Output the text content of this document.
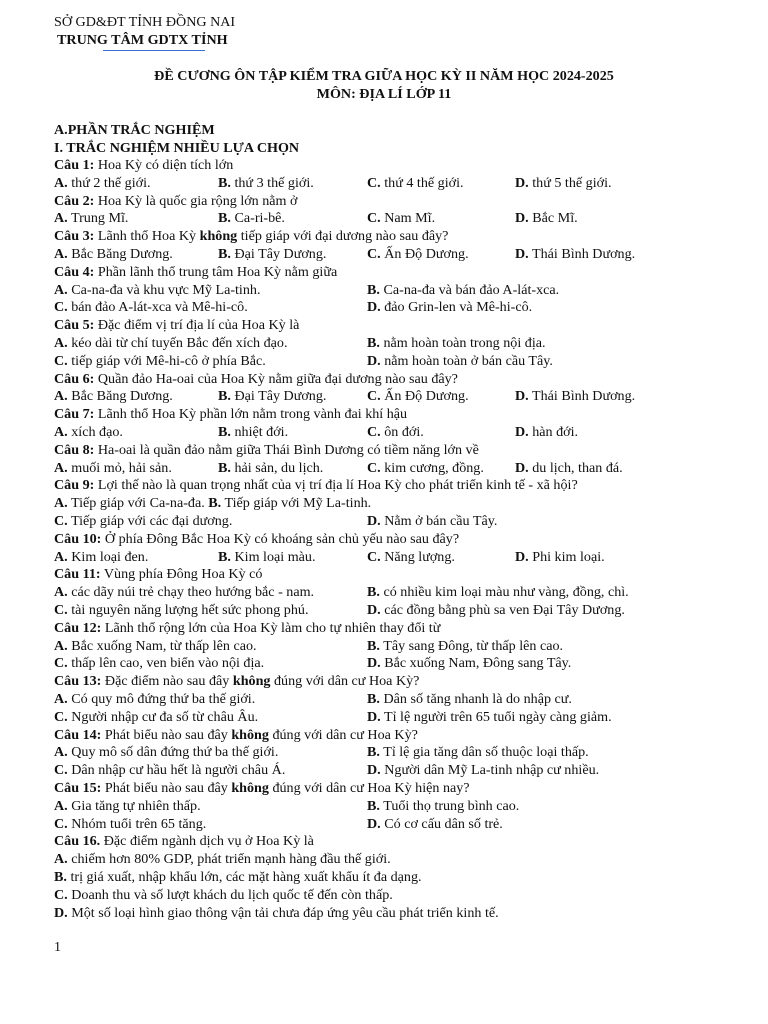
SỞ GD&ĐT TỈNH ĐỒNG NAI
TRUNG TÂM GDTX TỈNH
ĐỀ CƯƠNG ÔN TẬP KIỂM TRA GIỮA HỌC KỲ II NĂM HỌC 2024-2025
MÔN: ĐỊA LÍ LỚP 11
A.PHẦN TRẮC NGHIỆM
I. TRẮC NGHIỆM NHIỀU LỰA CHỌN
Câu 1: Hoa Kỳ có diện tích lớn
A. thứ 2 thế giới.	B. thứ 3 thế giới.	C. thứ 4 thế giới.	D. thứ 5 thế giới.
Câu 2: Hoa Kỳ là quốc gia rộng lớn nằm ở
A. Trung Mĩ.	B. Ca-ri-bê.	C. Nam Mĩ.	D. Bắc Mĩ.
Câu 3: Lãnh thổ Hoa Kỳ không tiếp giáp với đại dương nào sau đây?
A. Bắc Băng Dương.	B. Đại Tây Dương.	C. Ấn Độ Dương.	D. Thái Bình Dương.
Câu 4: Phần lãnh thổ trung tâm Hoa Kỳ nằm giữa
A. Ca-na-đa và khu vực Mỹ La-tinh.	B. Ca-na-đa và bán đảo A-lát-xca.
C. bán đảo A-lát-xca và Mê-hi-cô.	D. đảo Grin-len và Mê-hi-cô.
Câu 5: Đặc điểm vị trí địa lí của Hoa Kỳ là
A. kéo dài từ chí tuyến Bắc đến xích đạo.	B. nằm hoàn toàn trong nội địa.
C. tiếp giáp với Mê-hi-cô ở phía Bắc.	D. nằm hoàn toàn ở bán cầu Tây.
Câu 6: Quần đảo Ha-oai của Hoa Kỳ nằm giữa đại dương nào sau đây?
A. Bắc Băng Dương.	B. Đại Tây Dương.	C. Ấn Độ Dương.	D. Thái Bình Dương.
Câu 7: Lãnh thổ Hoa Kỳ phần lớn nằm trong vành đai khí hậu
A. xích đạo.	B. nhiệt đới.	C. ôn đới.	D. hàn đới.
Câu 8: Ha-oai là quần đảo nằm giữa Thái Bình Dương có tiềm năng lớn về
A. muối mỏ, hải sản.	B. hải sản, du lịch.	C. kim cương, đồng. D. du lịch, than đá.
Câu 9: Lợi thế nào là quan trọng nhất của vị trí địa lí Hoa Kỳ cho phát triển kinh tế - xã hội?
A. Tiếp giáp với Ca-na-đa. B. Tiếp giáp với Mỹ La-tinh.
C. Tiếp giáp với các đại dương.	D. Nằm ở bán cầu Tây.
Câu 10: Ở phía Đông Bắc Hoa Kỳ có khoáng sản chủ yếu nào sau đây?
A. Kim loại đen.	B. Kim loại màu.	C. Năng lượng.	D. Phi kim loại.
Câu 11: Vùng phía Đông Hoa Kỳ có
A. các dãy núi trẻ chạy theo hướng bắc - nam.	B. có nhiều kim loại màu như vàng, đồng, chì.
C. tài nguyên năng lượng hết sức phong phú.	D. các đồng bằng phù sa ven Đại Tây Dương.
Câu 12: Lãnh thổ rộng lớn của Hoa Kỳ làm cho tự nhiên thay đổi từ
A. Bắc xuống Nam, từ thấp lên cao.	B. Tây sang Đông, từ thấp lên cao.
C. thấp lên cao, ven biển vào nội địa.	D. Bắc xuống Nam, Đông sang Tây.
Câu 13: Đặc điểm nào sau đây không đúng với dân cư Hoa Kỳ?
A. Có quy mô đứng thứ ba thế giới.	B. Dân số tăng nhanh là do nhập cư.
C. Người nhập cư đa số từ châu Âu.	D. Tỉ lệ người trên 65 tuổi ngày càng giảm.
Câu 14: Phát biểu nào sau đây không đúng với dân cư Hoa Kỳ?
A. Quy mô số dân đứng thứ ba thế giới.	B. Tỉ lệ gia tăng dân số thuộc loại thấp.
C. Dân nhập cư hầu hết là người châu Á.	D. Người dân Mỹ La-tinh nhập cư nhiều.
Câu 15: Phát biểu nào sau đây không đúng với dân cư Hoa Kỳ hiện nay?
A. Gia tăng tự nhiên thấp.	B. Tuổi thọ trung bình cao.
C. Nhóm tuổi trên 65 tăng.	D. Có cơ cấu dân số trẻ.
Câu 16. Đặc điểm ngành dịch vụ ở Hoa Kỳ là
A. chiếm hơn 80% GDP, phát triển mạnh hàng đầu thế giới.
B. trị giá xuất, nhập khẩu lớn, các mặt hàng xuất khẩu ít đa dạng.
C. Doanh thu và số lượt khách du lịch quốc tế đến còn thấp.
D. Một số loại hình giao thông vận tải chưa đáp ứng yêu cầu phát triển kinh tế.
1
